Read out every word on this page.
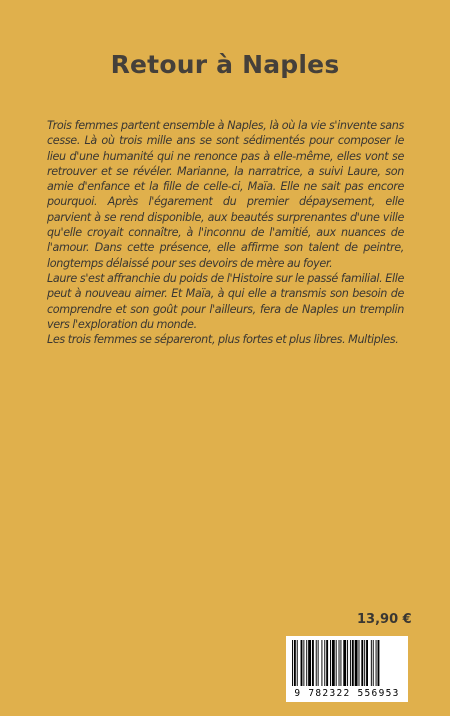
Retour à Naples

Trois femmes partent ensemble à Naples, là où la vie s'invente sans cesse. Là où trois mille ans se sont sédimentés pour composer le lieu d'une humanité qui ne renonce pas à elle-même, elles vont se retrouver et se révéler. Marianne, la narratrice, a suivi Laure, son amie d'enfance et la fille de celle-ci, Maïa. Elle ne sait pas encore pourquoi. Après l'égarement du premier dépaysement, elle parvient à se rend disponible, aux beautés surprenantes d'une ville qu'elle croyait connaître, à l'inconnu de l'amitié, aux nuances de l'amour. Dans cette présence, elle affirme son talent de peintre, longtemps délaissé pour ses devoirs de mère au foyer.

Laure s'est affranchie du poids de l'Histoire sur le passé familial. Elle peut à nouveau aimer. Et Maïa, à qui elle a transmis son besoin de comprendre et son goût pour l'ailleurs, fera de Naples un tremplin vers l'exploration du monde.

Les trois femmes se sépareront, plus fortes et plus libres. Multiples.

13,90 €
9 782322 556953
